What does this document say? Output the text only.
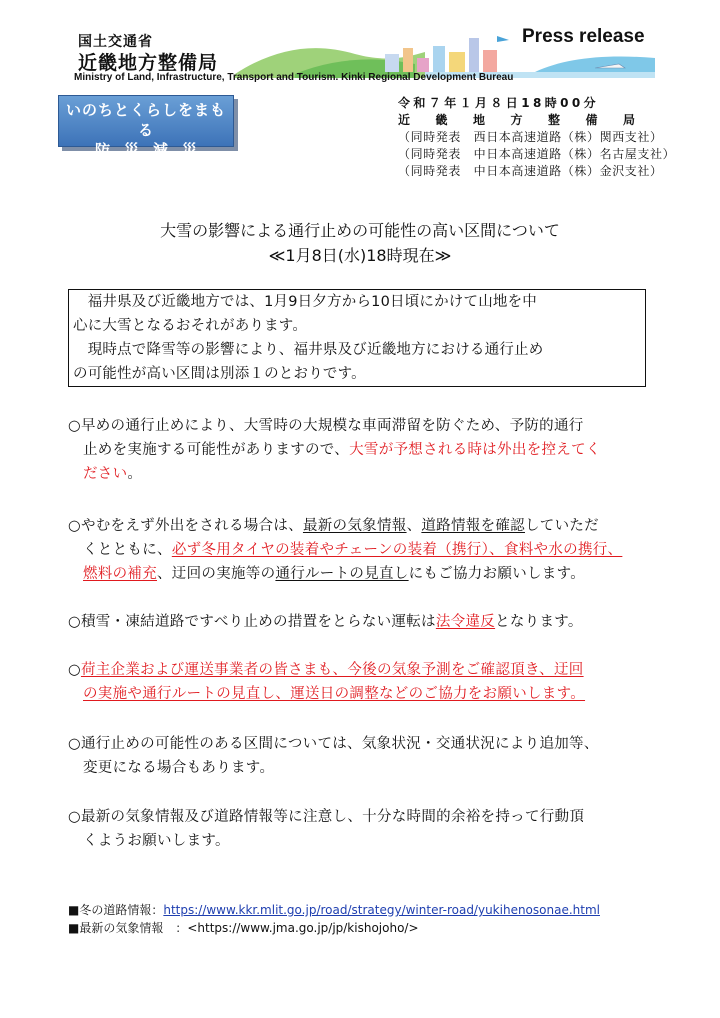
国土交通省
近畿地方整備局
Press release
Ministry of Land, Infrastructure, Transport and Tourism. Kinki Regional Development Bureau
いのちとくらしをまもる
防災減災
令和７年１月８日18時00分
近畿地方整備局
（同時発表　西日本高速道路（株）関西支社）
（同時発表　中日本高速道路（株）名古屋支社）
（同時発表　中日本高速道路（株）金沢支社）
大雪の影響による通行止めの可能性の高い区間について
≪1月8日(水)18時現在≫

　福井県及び近畿地方では、1月9日夕方から10日頃にかけて山地を中

心に大雪となるおそれがあります。

　現時点で降雪等の影響により、福井県及び近畿地方における通行止め

の可能性が高い区間は別添１のとおりです。

○早めの通行止めにより、大雪時の大規模な車両滞留を防ぐため、予防的通行

止めを実施する可能性がありますので、大雪が予想される時は外出を控えてく

ださい。

○やむをえず外出をされる場合は、最新の気象情報、道路情報を確認していただ

くとともに、必ず冬用タイヤの装着やチェーンの装着（携行）、食料や水の携行、

燃料の補充、迂回の実施等の通行ルートの見直しにもご協力お願いします。

○積雪・凍結道路ですべり止めの措置をとらない運転は法令違反となります。

○荷主企業および運送事業者の皆さまも、今後の気象予測をご確認頂き、迂回

の実施や通行ルートの見直し、運送日の調整などのご協力をお願いします。

○通行止めの可能性のある区間については、気象状況・交通状況により追加等、

変更になる場合もあります。

○最新の気象情報及び道路情報等に注意し、十分な時間的余裕を持って行動頂

くようお願いします。

■冬の道路情報：https://www.kkr.mlit.go.jp/road/strategy/winter-road/yukihenosonae.html
■最新の気象情報　：<https://www.jma.go.jp/jp/kishojoho/>
